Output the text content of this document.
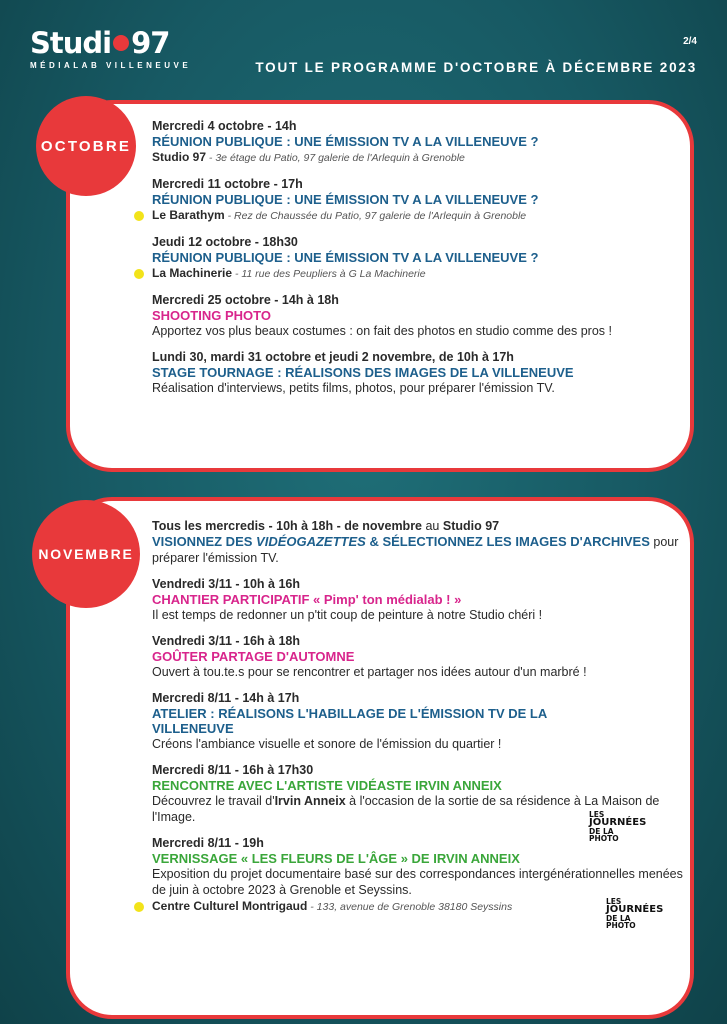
Studi 97
MÉDIALAB VILLENEUVE
2/4
TOUT LE PROGRAMME D'OCTOBRE À DÉCEMBRE 2023
OCTOBRE
NOVEMBRE
Mercredi 4 octobre - 14h
RÉUNION PUBLIQUE : UNE ÉMISSION TV A LA VILLENEUVE ?
Studio 97 - 3e étage du Patio, 97 galerie de l'Arlequin à Grenoble
Mercredi 11 octobre - 17h
RÉUNION PUBLIQUE : UNE ÉMISSION TV A LA VILLENEUVE ?
Le Barathym - Rez de Chaussée du Patio, 97 galerie de l'Arlequin à Grenoble
Jeudi 12 octobre - 18h30
RÉUNION PUBLIQUE : UNE ÉMISSION TV A LA VILLENEUVE ?
La Machinerie - 11 rue des Peupliers à G La Machinerie
Mercredi 25 octobre - 14h à 18h
SHOOTING PHOTO
Apportez vos plus beaux costumes : on fait des photos en studio comme des pros !
Lundi 30, mardi 31 octobre et jeudi 2 novembre, de 10h à 17h
STAGE TOURNAGE : RÉALISONS DES IMAGES DE LA VILLENEUVE
Réalisation d'interviews, petits films, photos, pour préparer l'émission TV.
Tous les mercredis - 10h à 18h - de novembre au Studio 97
VISIONNEZ DES VIDÉOGAZETTES & SÉLECTIONNEZ LES IMAGES D'ARCHIVES pour préparer l'émission TV.
Vendredi 3/11 - 10h à 16h
CHANTIER PARTICIPATIF « Pimp' ton médialab ! »
Il est temps de redonner un p'tit coup de peinture à notre Studio chéri !
Vendredi 3/11 - 16h à 18h
GOÛTER PARTAGE D'AUTOMNE
Ouvert à tou.te.s pour se rencontrer et partager nos idées autour d'un marbré !
Mercredi 8/11 - 14h à 17h
ATELIER : RÉALISONS L'HABILLAGE DE L'ÉMISSION TV DE LA VILLENEUVE
Créons l'ambiance visuelle et sonore de l'émission du quartier !
Mercredi 8/11 - 16h à 17h30
RENCONTRE AVEC L'ARTISTE VIDÉASTE IRVIN ANNEIX
Découvrez le travail d'Irvin Anneix à l'occasion de la sortie de sa résidence à La Maison de l'Image.
Mercredi 8/11 - 19h
VERNISSAGE « LES FLEURS DE L'ÂGE » DE IRVIN ANNEIX
Exposition du projet documentaire basé sur des correspondances intergénérationnelles menées de juin à octobre 2023 à Grenoble et Seyssins.
Centre Culturel Montrigaud - 133, avenue de Grenoble 38180 Seyssins
LES
JOURNÉES
DE LA
PHOTO
LES
JOURNÉES
DE LA
PHOTO
